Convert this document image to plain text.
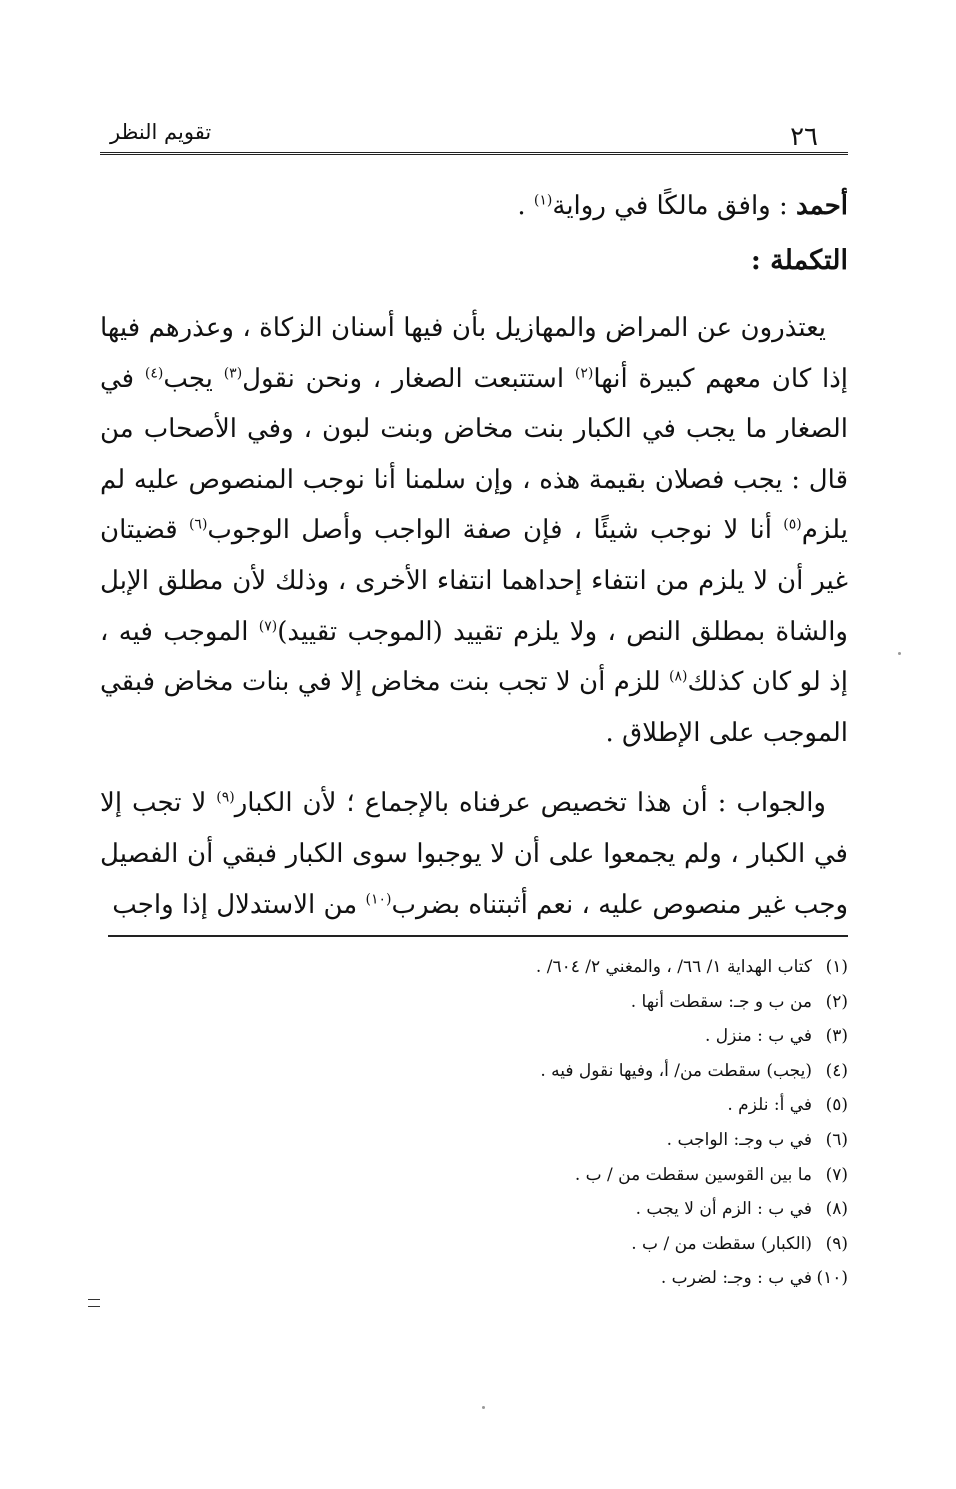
٢٦
تقويم النظر

أحمد : وافق مالكًا في رواية$^{(١)}$ .

التكملة :

يعتذرون عن المراض والمهازيل بأن فيها أسنان الزكاة ، وعذرهم فيها إذا كان معهم كبيرة أنها$^{(٢)}$ استتبعت الصغار ، ونحن نقول$^{(٣)}$ يجب$^{(٤)}$ في الصغار ما يجب في الكبار بنت مخاض وبنت لبون ، وفي الأصحاب من قال : يجب فصلان بقيمة هذه ، وإن سلمنا أنا نوجب المنصوص عليه لم يلزم$^{(٥)}$ أنا لا نوجب شيئًا ، فإن صفة الواجب وأصل الوجوب$^{(٦)}$ قضيتان غير أن لا يلزم من انتفاء إحداهما انتفاء الأخرى ، وذلك لأن مطلق الإبل والشاة بمطلق النص ، ولا يلزم تقييد (الموجب تقييد)$^{(٧)}$ الموجب فيه ، إذ لو كان كذلك$^{(٨)}$ للزم أن لا تجب بنت مخاض إلا في بنات مخاض فبقي الموجب على الإطلاق .

والجواب : أن هذا تخصيص عرفناه بالإجماع ؛ لأن الكبار$^{(٩)}$ لا تجب إلا في الكبار ، ولم يجمعوا على أن لا يوجبوا سوى الكبار فبقي أن الفصيل وجب غير منصوص عليه ، نعم أثبتناه بضرب$^{(١٠)}$ من الاستدلال إذا واجب

(١)كتاب الهداية ١/ ٦٦/ ، والمغني ٢/ ٦٠٤/ .
(٢)من ب و جـ: سقطت أنها .
(٣)في ب : منزل .
(٤)(يجب) سقطت من/ أ، وفيها نقول فيه .
(٥)في أ: نلزم .
(٦)في ب وجـ: الواجب .
(٧)ما بين القوسين سقطت من / ب .
(٨)في ب : الزم أن لا يجب .
(٩)(الكبار) سقطت من / ب .
(١٠)في ب : وجـ: لضرب .
